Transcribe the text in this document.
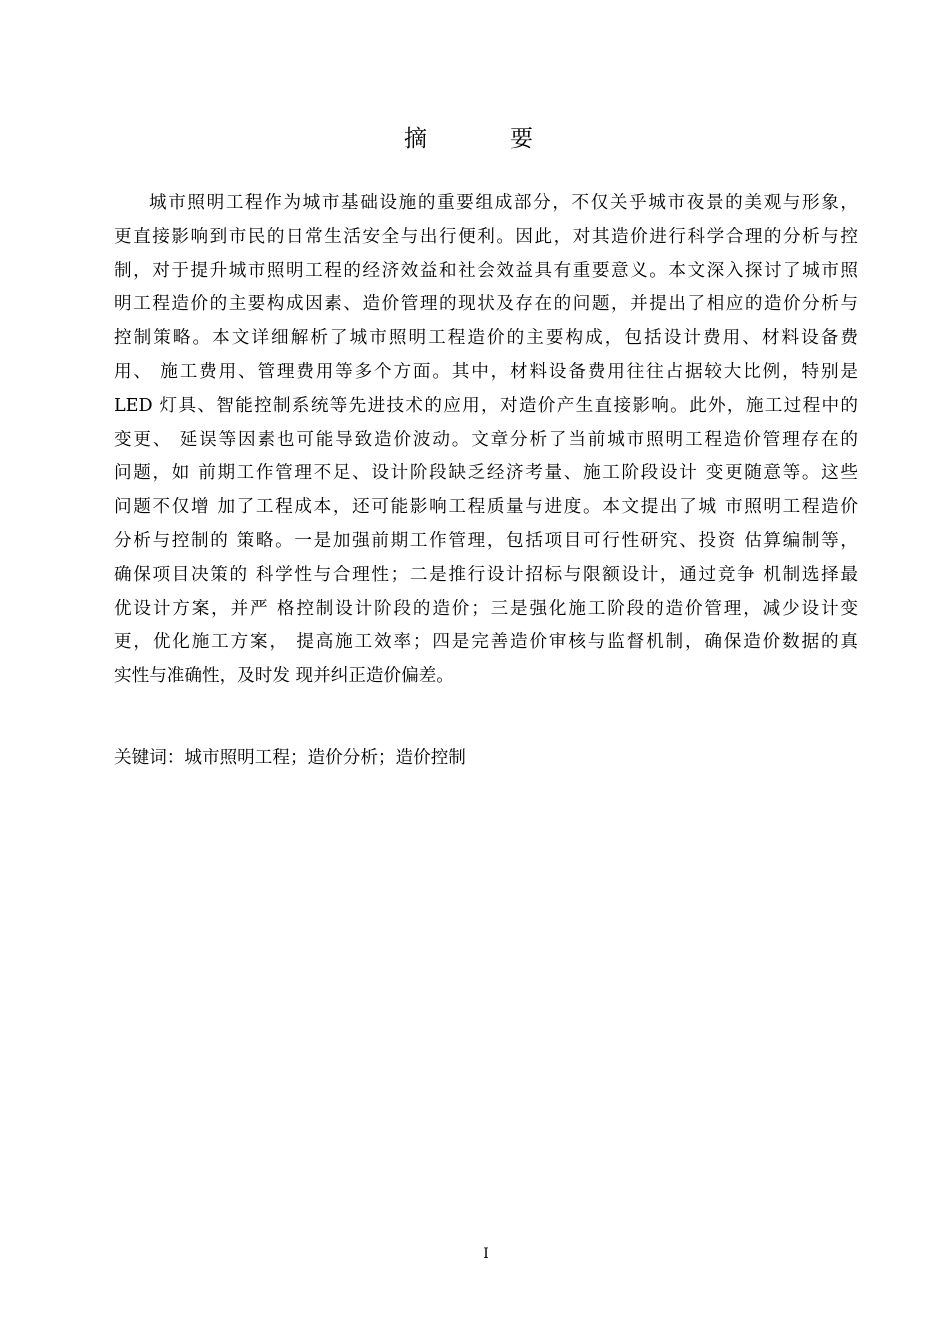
摘　要
城市照明工程作为城市基础设施的重要组成部分，不仅关乎城市夜景的美观与形象，
更直接影响到市民的日常生活安全与出行便利。因此，对其造价进行科学合理的分析与控
制，对于提升城市照明工程的经济效益和社会效益具有重要意义。本文深入探讨了城市照
明工程造价的主要构成因素、造价管理的现状及存在的问题，并提出了相应的造价分析与
控制策略。本文详细解析了城市照明工程造价的主要构成，包括设计费用、材料设备费
用、 施工费用、管理费用等多个方面。其中，材料设备费用往往占据较大比例，特别是
LED 灯具、智能控制系统等先进技术的应用，对造价产生直接影响。此外，施工过程中的
变更、 延误等因素也可能导致造价波动。文章分析了当前城市照明工程造价管理存在的
问题，如 前期工作管理不足、设计阶段缺乏经济考量、施工阶段设计 变更随意等。这些
问题不仅增 加了工程成本，还可能影响工程质量与进度。本文提出了城 市照明工程造价
分析与控制的 策略。一是加强前期工作管理，包括项目可行性研究、投资 估算编制等，
确保项目决策的 科学性与合理性；二是推行设计招标与限额设计，通过竞争 机制选择最
优设计方案，并严 格控制设计阶段的造价；三是强化施工阶段的造价管理，减少设计变
更，优化施工方案， 提高施工效率；四是完善造价审核与监督机制，确保造价数据的真
实性与准确性，及时发 现并纠正造价偏差。
关键词：城市照明工程；造价分析；造价控制
I
